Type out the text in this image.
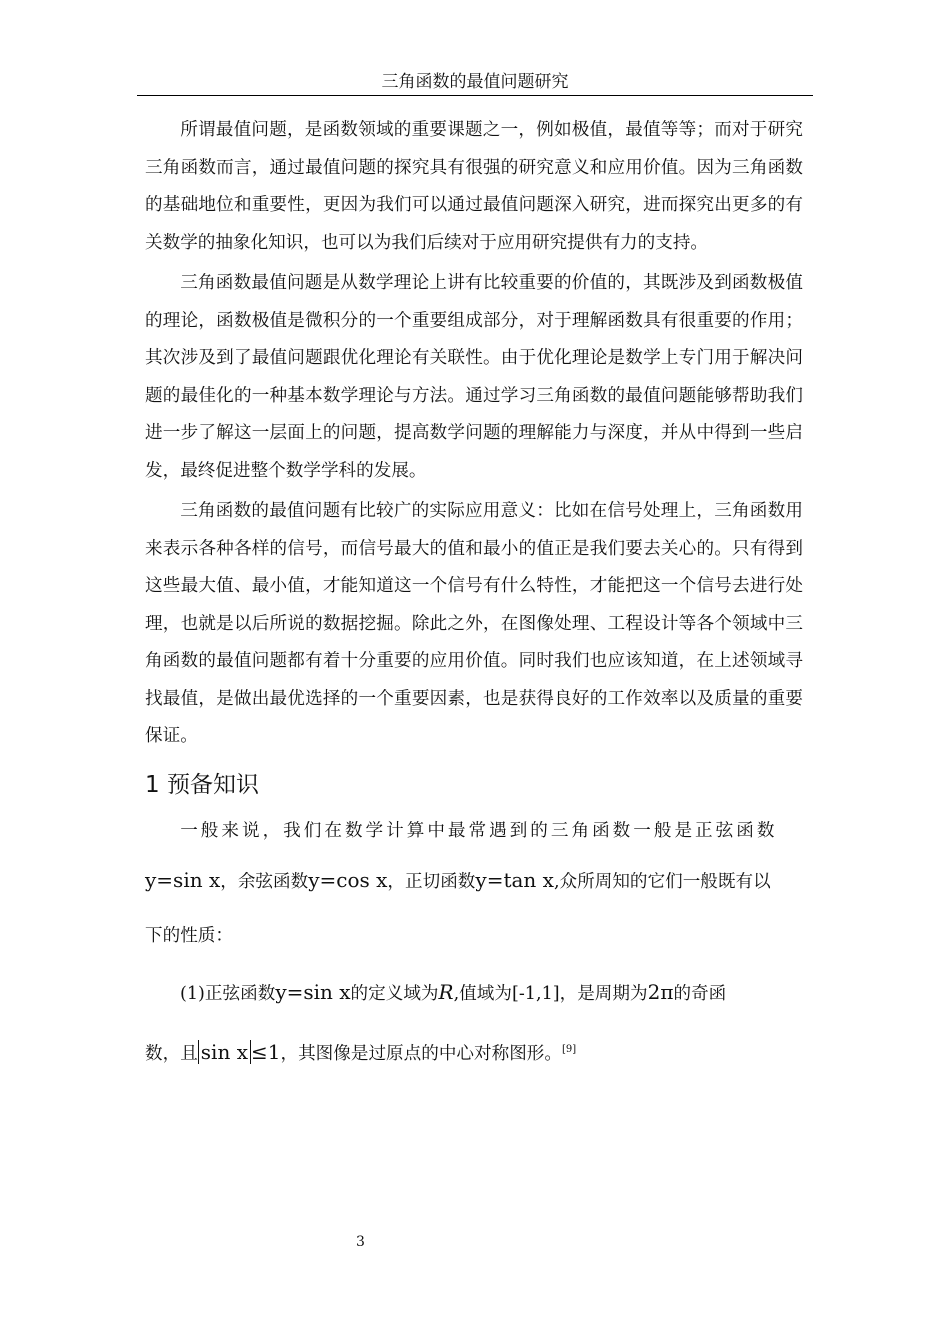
三角函数的最值问题研究

所谓最值问题，是函数领域的重要课题之一，例如极值，最值等等；而对于研究三角函数而言，通过最值问题的探究具有很强的研究意义和应用价值。因为三角函数的基础地位和重要性，更因为我们可以通过最值问题深入研究，进而探究出更多的有关数学的抽象化知识，也可以为我们后续对于应用研究提供有力的支持。

三角函数最值问题是从数学理论上讲有比较重要的价值的，其既涉及到函数极值的理论，函数极值是微积分的一个重要组成部分，对于理解函数具有很重要的作用；其次涉及到了最值问题跟优化理论有关联性。由于优化理论是数学上专门用于解决问题的最佳化的一种基本数学理论与方法。通过学习三角函数的最值问题能够帮助我们进一步了解这一层面上的问题，提高数学问题的理解能力与深度，并从中得到一些启发，最终促进整个数学学科的发展。

三角函数的最值问题有比较广的实际应用意义：比如在信号处理上，三角函数用来表示各种各样的信号，而信号最大的值和最小的值正是我们要去关心的。只有得到这些最大值、最小值，才能知道这一个信号有什么特性，才能把这一个信号去进行处理，也就是以后所说的数据挖掘。除此之外，在图像处理、工程设计等各个领域中三角函数的最值问题都有着十分重要的应用价值。同时我们也应该知道，在上述领域寻找最值，是做出最优选择的一个重要因素，也是获得良好的工作效率以及质量的重要保证。

1 预备知识

一般来说，我们在数学计算中最常遇到的三角函数一般是正弦函数

y=sin x，余弦函数y=cos x，正切函数y=tan x,众所周知的它们一般既有以
下的性质：
(1)正弦函数y=sin x的定义域为R,值域为[-1,1]，是周期为2π的奇函
数，且 sin x ≤1，其图像是过原点的中心对称图形。[9]
3
